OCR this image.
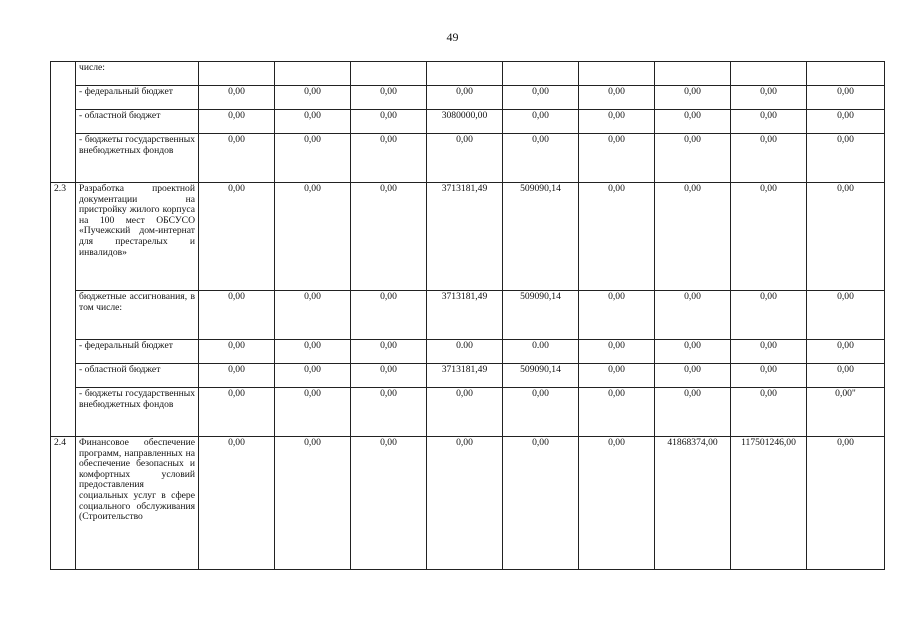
49
	числе:									
	- федеральный бюджет	0,00	0,00	0,00	0,00	0,00	0,00	0,00	0,00	0,00
	- областной бюджет	0,00	0,00	0,00	3080000,00	0,00	0,00	0,00	0,00	0,00
	- бюджеты государственных внебюджетных фондов	0,00	0,00	0,00	0,00	0,00	0,00	0,00	0,00	0,00
2.3	Разработка проектной документации на пристройку жилого корпуса на 100 мест ОБСУСО «Пучежский дом-интернат для престарелых и инвалидов»	0,00	0,00	0,00	3713181,49	509090,14	0,00	0,00	0,00	0,00
	бюджетные ассигнования, в том числе:	0,00	0,00	0,00	3713181,49	509090,14	0,00	0,00	0,00	0,00
	- федеральный бюджет	0,00	0,00	0,00	0.00	0.00	0,00	0,00	0,00	0,00
	- областной бюджет	0,00	0,00	0,00	3713181,49	509090,14	0,00	0,00	0,00	0,00
	- бюджеты государственных внебюджетных фондов	0,00	0,00	0,00	0,00	0,00	0,00	0,00	0,00	0,00"
2.4	Финансовое обеспечение программ, направленных на обеспечение безопасных и комфортных условий предоставления социальных услуг в сфере социального обслуживания (Строительство	0,00	0,00	0,00	0,00	0,00	0,00	41868374,00	117501246,00	0,00
